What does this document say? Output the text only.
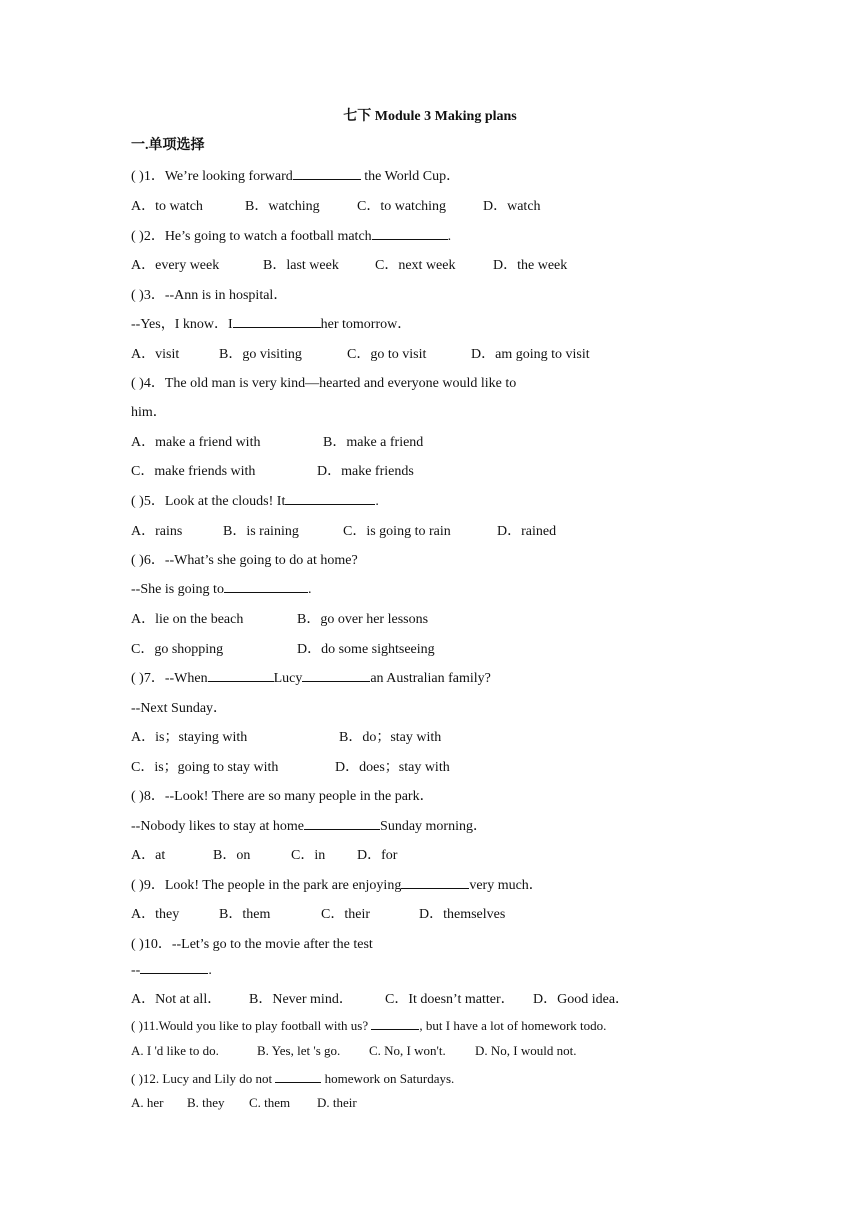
七下 Module 3 Making plans
一.单项选择
( )1．We’re looking forward	the World Cup．
A．to watch	B．watching	C．to watching	D．watch
( )2．He’s going to watch a football match	.
A．every week	B．last week	C．next week	D．the week
( )3．--Ann is in hospital．
--Yes，I know．I	her tomorrow．
A．visit	B．go visiting	C．go to visit	D．am going to visit
( )4．The old man is very kind—hearted and everyone would like to
him．
A．make a friend with	B．make a friend
C．make friends with	D．make friends
( )5．Look at the clouds! It	.
A．rains	B．is raining	C．is going to rain	D．rained
( )6．--What’s she going to do at home?
--She is going to	.
A．lie on the beach	B．go over her lessons
C．go shopping	D．do some sightseeing
( )7．--When	Lucy	an Australian family?
--Next Sunday．
A．is；staying with	B．do；stay with
C．is；going to stay with	D．does；stay with
( )8．--Look! There are so many people in the park．
--Nobody likes to stay at home	Sunday morning．
A．at	B．on	C．in D．for
( )9．Look! The people in the park are enjoying	very much．
A．they	B．them	C．their	D．themselves
( )10．--Let’s go to the movie after the test
--	.
A．Not at all． B．Never mind． C．It doesn’t matter． D．Good idea．
( )11.Would you like to play football with us?	, but I have a lot of homework todo.
A. I 'd like to do.	B. Yes, let 's go. C. No, I won't. D. No, I would not.
( )12. Lucy and Lily do not	homework on Saturdays.
A. her B. they C. them D. their
